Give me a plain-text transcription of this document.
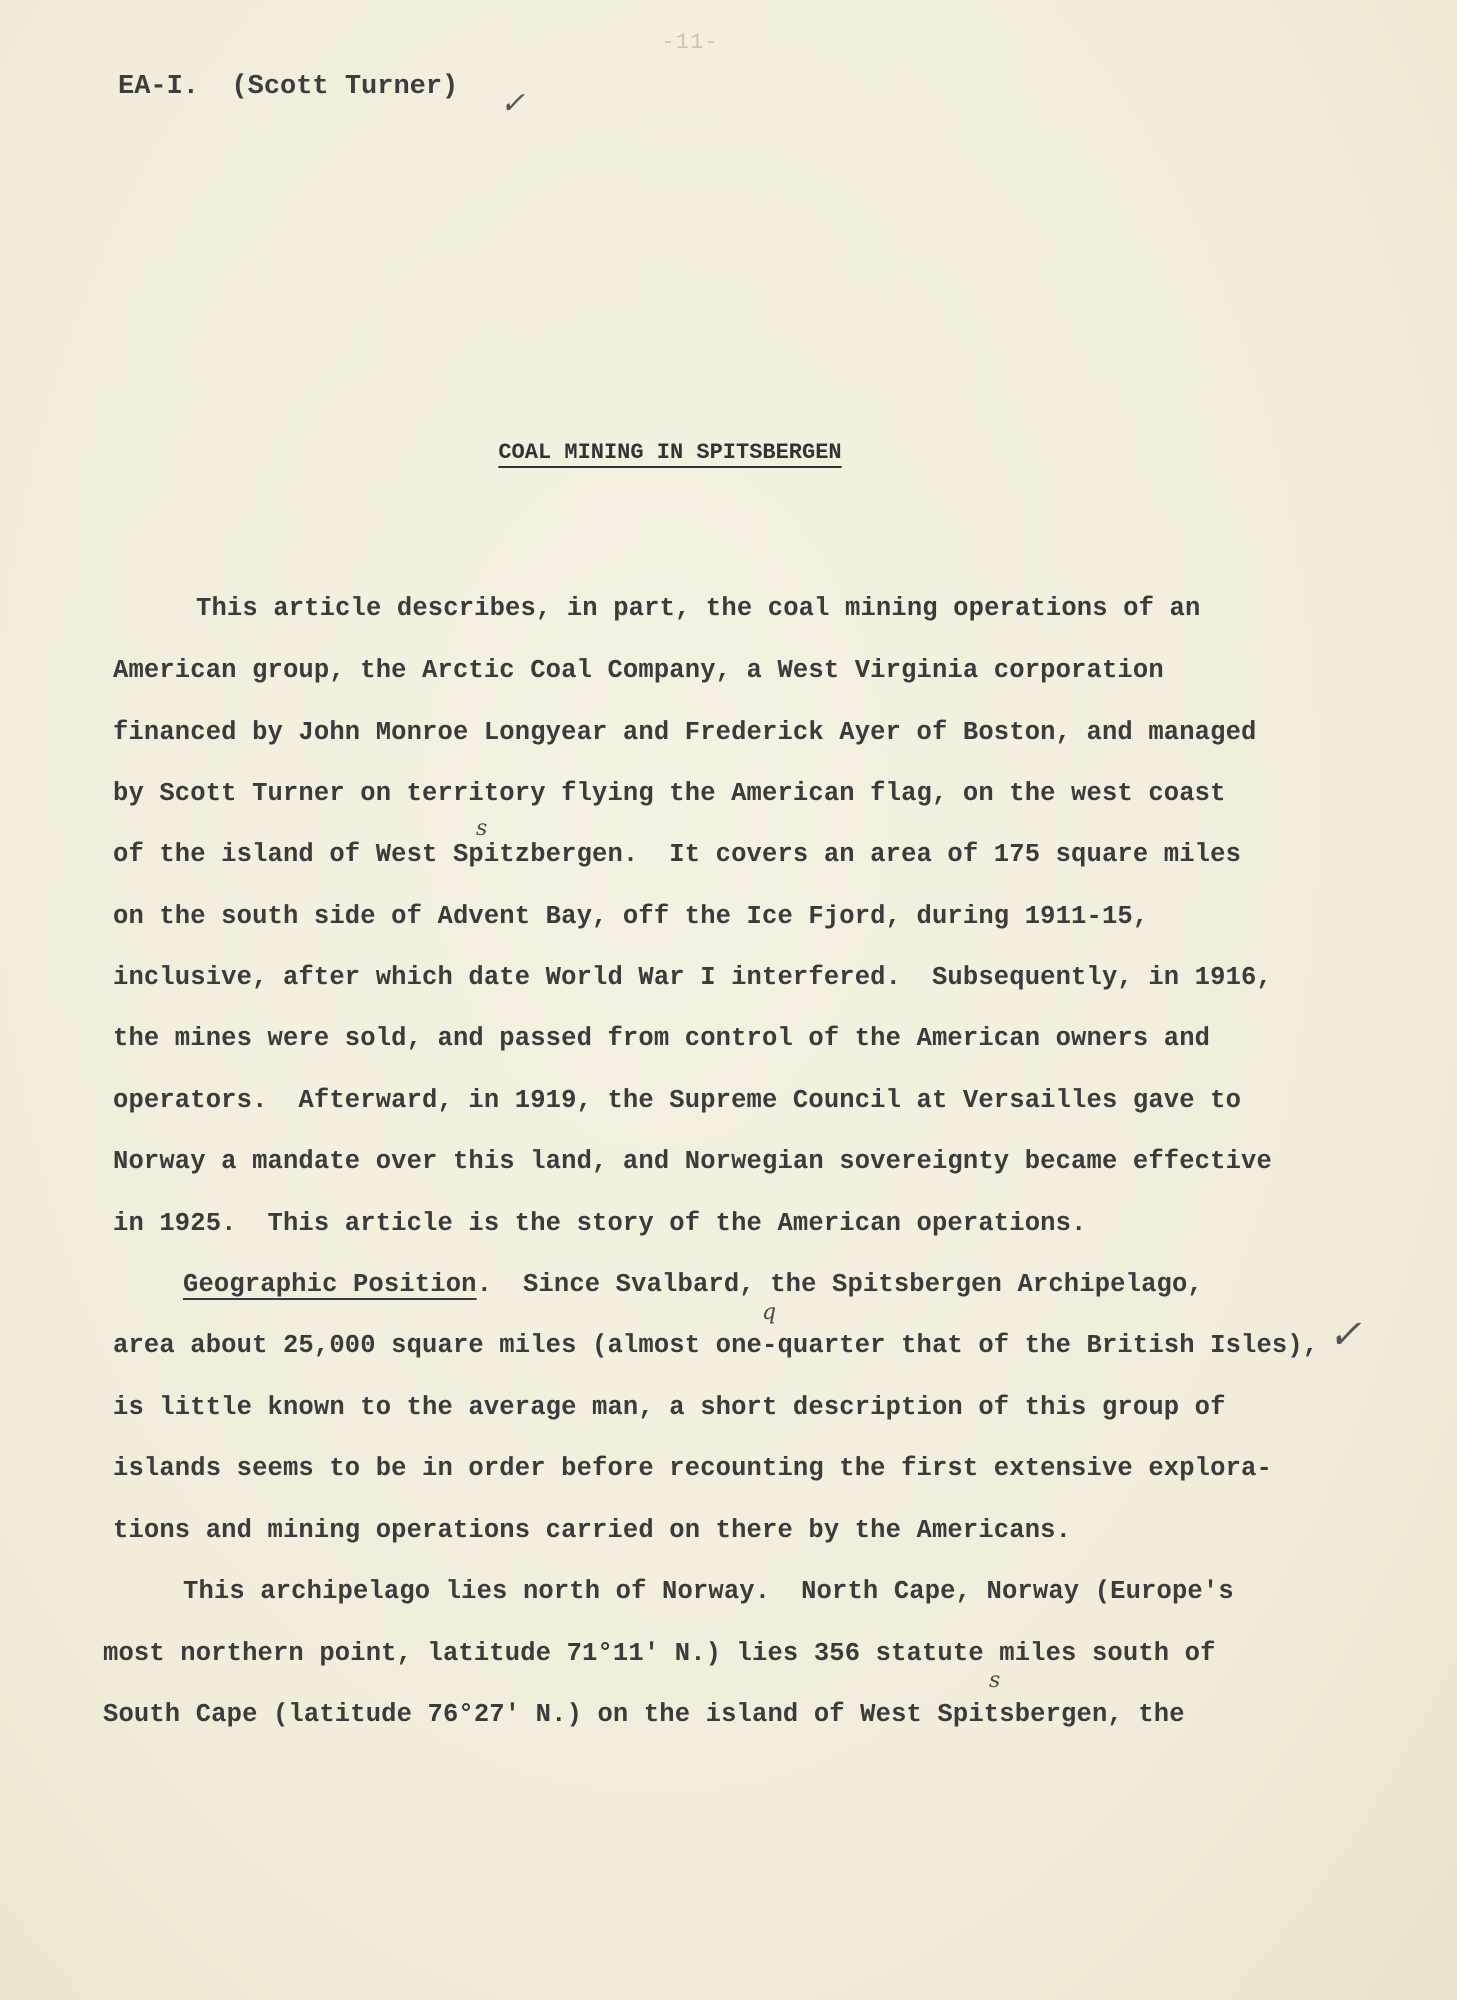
-11-
EA-I.  (Scott Turner) ✓
COAL MINING IN SPITSBERGEN
This article describes, in part, the coal mining operations of an
American group, the Arctic Coal Company, a West Virginia corporation
financed by John Monroe Longyear and Frederick Ayer of Boston, and managed
by Scott Turner on territory flying the American flag, on the west coast
of the island of West Spitzbergen.  It covers an area of 175 square miles
s
on the south side of Advent Bay, off the Ice Fjord, during 1911-15,
inclusive, after which date World War I interfered.  Subsequently, in 1916,
the mines were sold, and passed from control of the American owners and
operators.  Afterward, in 1919, the Supreme Council at Versailles gave to
Norway a mandate over this land, and Norwegian sovereignty became effective
in 1925.  This article is the story of the American operations.
Geographic Position.  Since Svalbard, the Spitsbergen Archipelago,
area about 25,000 square miles (almost one-quarter that of the British Isles),
q	✓
is little known to the average man, a short description of this group of
islands seems to be in order before recounting the first extensive explora-
tions and mining operations carried on there by the Americans.
This archipelago lies north of Norway.  North Cape, Norway (Europe's
most northern point, latitude 71°11' N.) lies 356 statute miles south of
South Cape (latitude 76°27' N.) on the island of West Spitsbergen, the
s
